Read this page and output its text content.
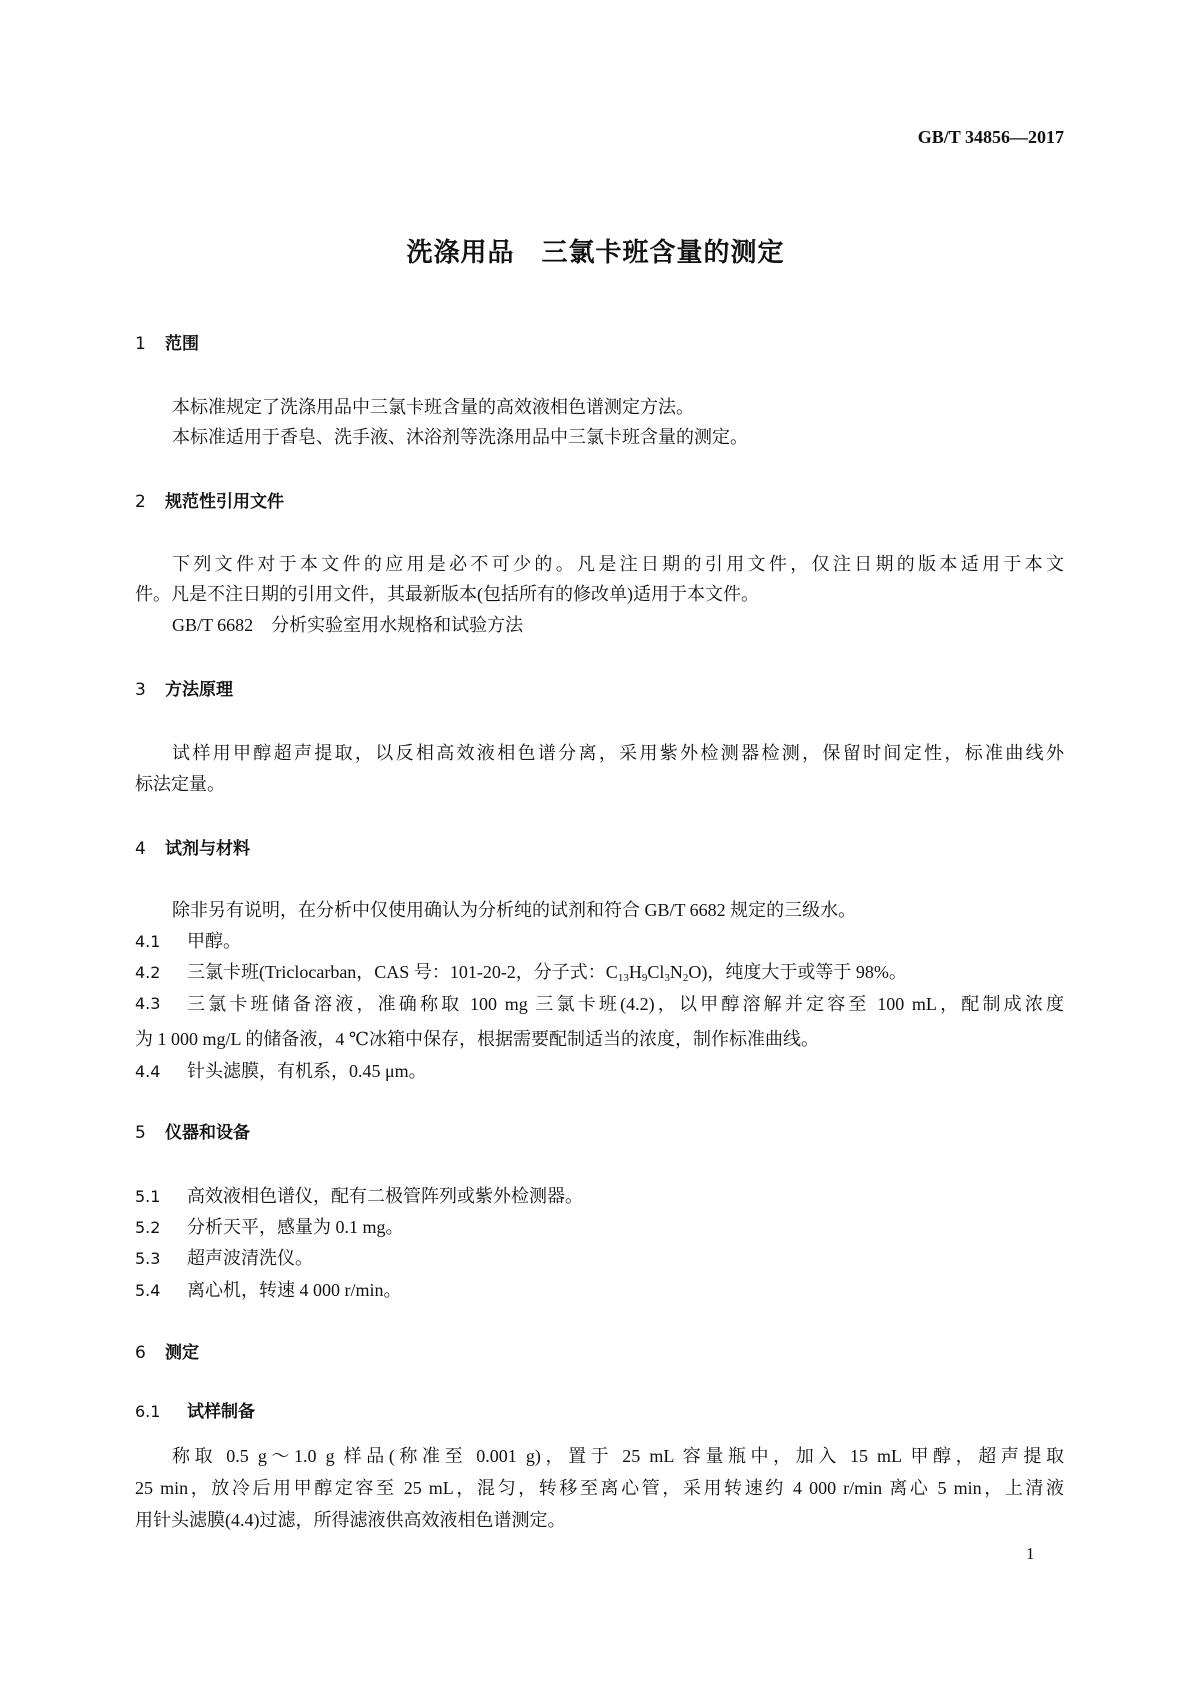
GB/T 34856—2017
洗涤用品　三氯卡班含量的测定
1 范围
本标准规定了洗涤用品中三氯卡班含量的高效液相色谱测定方法。
本标准适用于香皂、洗手液、沐浴剂等洗涤用品中三氯卡班含量的测定。
2 规范性引用文件
下列文件对于本文件的应用是必不可少的。凡是注日期的引用文件，仅注日期的版本适用于本文
件。凡是不注日期的引用文件，其最新版本(包括所有的修改单)适用于本文件。
GB/T 6682　分析实验室用水规格和试验方法
3 方法原理
试样用甲醇超声提取，以反相高效液相色谱分离，采用紫外检测器检测，保留时间定性，标准曲线外
标法定量。
4 试剂与材料
除非另有说明，在分析中仅使用确认为分析纯的试剂和符合 GB/T 6682 规定的三级水。
4.1 甲醇。
4.2 三氯卡班(Triclocarban，CAS 号：101-20-2，分子式：$C_{13}H_9Cl_3N_2O$)，纯度大于或等于 98%。
4.3	三氯卡班储备溶液，准确称取 100 mg 三氯卡班(4.2)，以甲醇溶解并定容至 100 mL，配制成浓度
为 1 000 mg/L 的储备液，4 ℃冰箱中保存，根据需要配制适当的浓度，制作标准曲线。
4.4 针头滤膜，有机系，0.45 μm。
5 仪器和设备
5.1 高效液相色谱仪，配有二极管阵列或紫外检测器。
5.2 分析天平，感量为 0.1 mg。
5.3 超声波清洗仪。
5.4 离心机，转速 4 000 r/min。
6 测定
6.1 试样制备
称取 0.5 g～1.0 g 样品(称准至 0.001 g)，置于 25 mL 容量瓶中，加入 15 mL 甲醇，超声提取
25 min，放冷后用甲醇定容至 25 mL，混匀，转移至离心管，采用转速约 4 000 r/min 离心 5 min，上清液
用针头滤膜(4.4)过滤，所得滤液供高效液相色谱测定。
1
